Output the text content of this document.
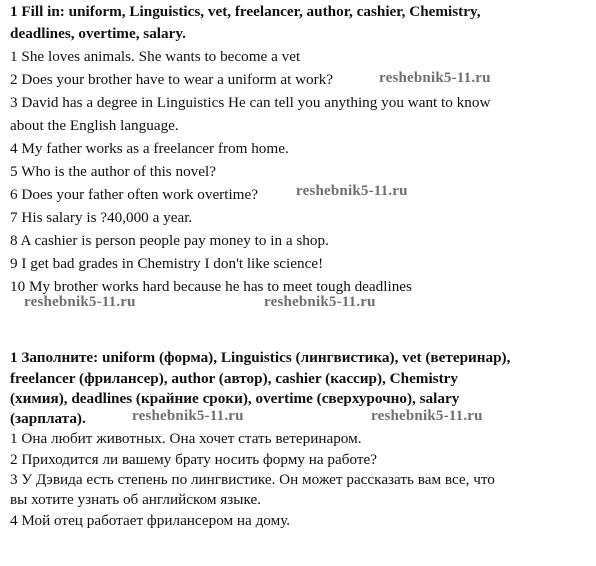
1 Fill in: uniform, Linguistics, vet, freelancer, author, cashier, Chemistry,
deadlines, overtime, salary.
1 She loves animals. She wants to become a vet
2 Does your brother have to wear a uniform at work?
3 David has a degree in Linguistics He can tell you anything you want to know
about the English language.
4 My father works as a freelancer from home.
5 Who is the author of this novel?
6 Does your father often work overtime?
7 His salary is ?40,000 a year.
8 A cashier is person people pay money to in a shop.
9 I get bad grades in Chemistry I don't like science!
10 My brother works hard because he has to meet tough deadlines
1 Заполните: uniform (форма), Linguistics (лингвистика), vet (ветеринар),
freelancer (фрилансер), author (автор), cashier (кассир), Chemistry
(химия), deadlines (крайние сроки), overtime (сверхурочно), salary
(зарплата).
1 Она любит животных. Она хочет стать ветеринаром.
2 Приходится ли вашему брату носить форму на работе?
3 У Дэвида есть степень по лингвистике. Он может рассказать вам все, что
вы хотите узнать об английском языке.
4 Мой отец работает фрилансером на дому.
reshebnik5-11.ru
reshebnik5-11.ru
reshebnik5-11.ru	reshebnik5-11.ru
reshebnik5-11.ru	reshebnik5-11.ru
